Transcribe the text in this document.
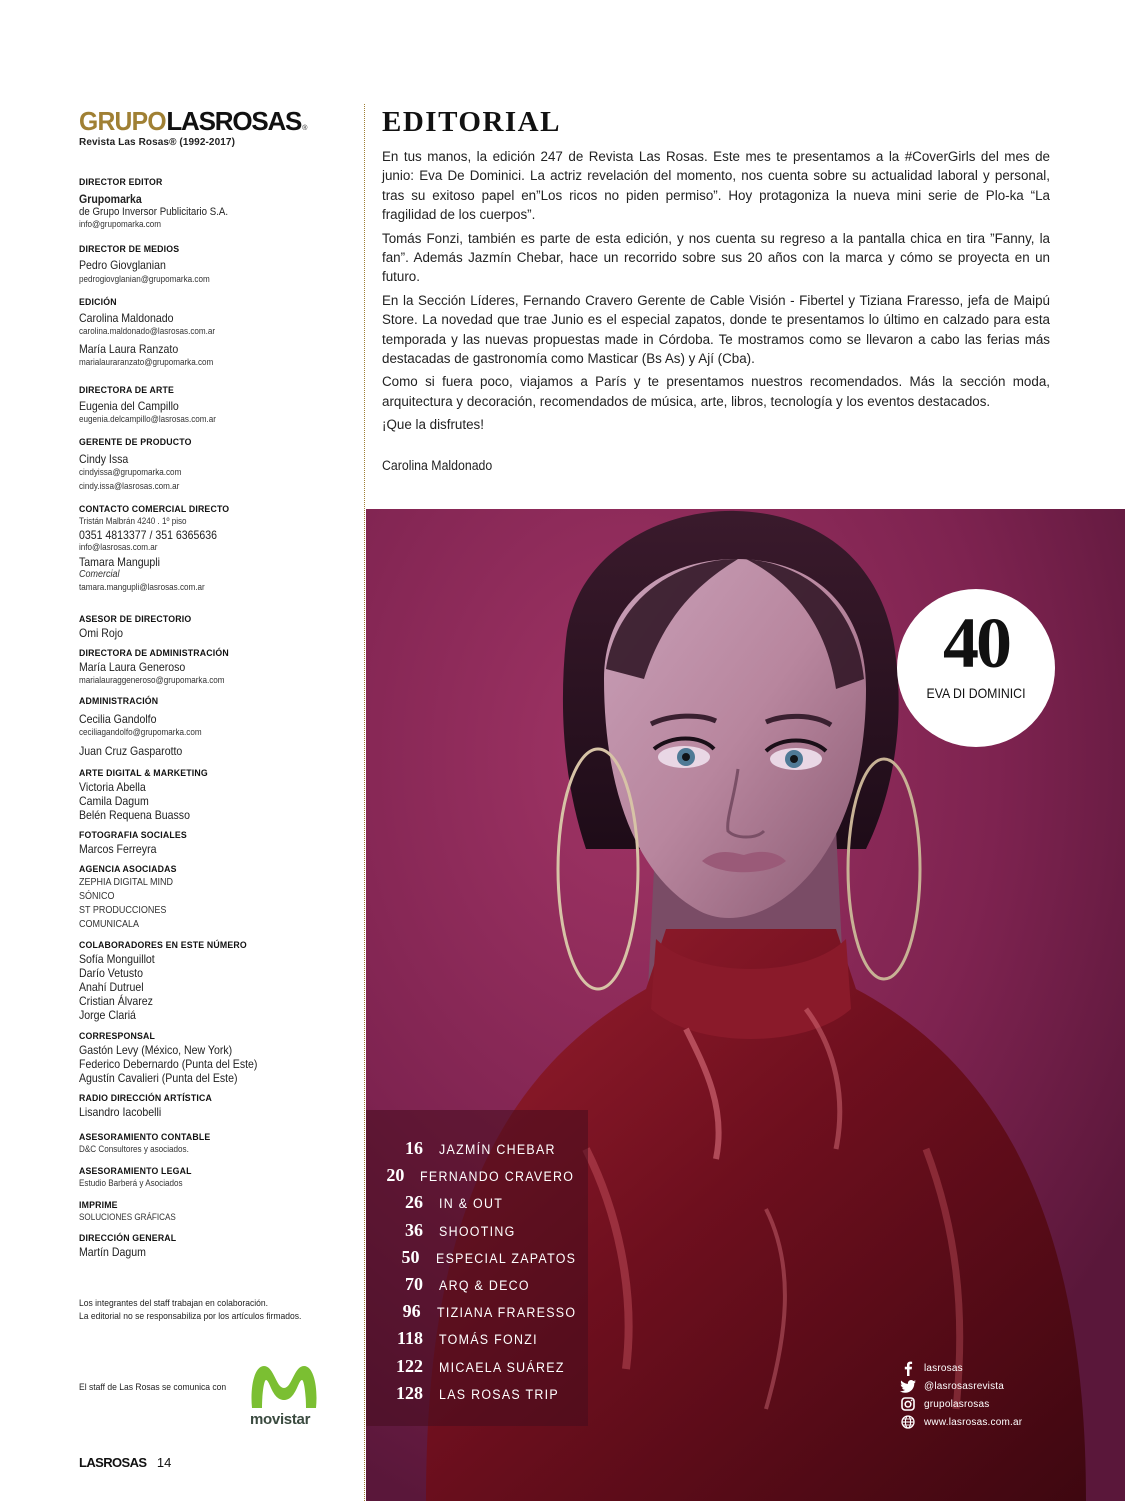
GRUPO LASROSAS ®
Revista Las Rosas® (1992-2017)
DIRECTOR EDITOR
Grupomarka
de Grupo Inversor Publicitario S.A.
info@grupomarka.com
DIRECTOR DE MEDIOS
Pedro Giovglanian
pedrogiovglanian@grupomarka.com
EDICIÓN
Carolina Maldonado
carolina.maldonado@lasrosas.com.ar
María Laura Ranzato
marialauraranzato@grupomarka.com
DIRECTORA DE ARTE
Eugenia del Campillo
eugenia.delcampillo@lasrosas.com.ar
GERENTE DE PRODUCTO
Cindy Issa
cindyissa@grupomarka.com
cindy.issa@lasrosas.com.ar
CONTACTO COMERCIAL DIRECTO
Tristán Malbrán 4240 . 1º piso
0351 4813377 / 351 6365636
info@lasrosas.com.ar
Tamara Mangupli
Comercial
tamara.mangupli@lasrosas.com.ar
ASESOR DE DIRECTORIO
Omi Rojo
DIRECTORA DE ADMINISTRACIÓN
María Laura Generoso
marialauraggeneroso@grupomarka.com
ADMINISTRACIÓN
Cecilia Gandolfo
ceciliagandolfo@grupomarka.com
Juan Cruz Gasparotto
ARTE DIGITAL & MARKETING
Victoria Abella
Camila Dagum
Belén Requena Buasso
FOTOGRAFIA SOCIALES
Marcos Ferreyra
AGENCIA ASOCIADAS
ZEPHIA DIGITAL MIND
SÓNICO
ST PRODUCCIONES
COMUNICALA
COLABORADORES EN ESTE NÚMERO
Sofía Monguillot
Darío Vetusto
Anahí Dutruel
Cristian Álvarez
Jorge Clariá
CORRESPONSAL
Gastón Levy (México, New York)
Federico Debernardo (Punta del Este)
Agustín Cavalieri (Punta del Este)
RADIO DIRECCIÓN ARTÍSTICA
Lisandro Iacobelli
ASESORAMIENTO CONTABLE
D&C Consultores y asociados.
ASESORAMIENTO LEGAL
Estudio Barberá y Asociados
IMPRIME
SOLUCIONES GRÁFICAS
DIRECCIÓN GENERAL
Martín Dagum
Los integrantes del staff trabajan en colaboración.
La editorial no se responsabiliza por los artículos firmados.
El staff de Las Rosas se comunica con
movistar
LASROSAS 14
EDITORIAL

En tus manos, la edición 247 de Revista Las Rosas. Este mes te presentamos a la #CoverGirls del mes de junio: Eva De Dominici. La actriz revelación del momento, nos cuenta sobre su actualidad laboral y personal, tras su exitoso papel en”Los ricos no piden permiso”. Hoy protagoniza la nueva mini serie de Plo-ka “La fragilidad de los cuerpos”.

Tomás Fonzi, también es parte de esta edición, y nos cuenta su regreso a la pantalla chica en tira ”Fanny, la fan”. Además Jazmín Chebar, hace un recorrido sobre sus 20 años con la marca y cómo se proyecta en un futuro.

En la Sección Líderes, Fernando Cravero Gerente de Cable Visión - Fibertel y Tiziana Fraresso, jefa de Maipú Store. La novedad que trae Junio es el especial zapatos, donde te presentamos lo último en calzado para esta temporada y las nuevas propuestas made in Córdoba. Te mostramos como se llevaron a cabo las ferias más destacadas de gastronomía como Masticar (Bs As) y Ají (Cba).

Como si fuera poco, viajamos a París y te presentamos nuestros recomendados. Más la sección moda, arquitectura y decoración, recomendados de música, arte, libros, tecnología y los eventos destacados.

¡Que la disfrutes!

Carolina Maldonado
40
EVA DI DOMINICI
16 JAZMÍN CHEBAR
20 FERNANDO CRAVERO
26 IN & OUT
36 SHOOTING
50 ESPECIAL ZAPATOS
70 ARQ & DECO
96 TIZIANA FRARESSO
118 TOMÁS FONZI
122 MICAELA SUÁREZ
128 LAS ROSAS TRIP
lasrosas
@lasrosasrevista
grupolasrosas
www.lasrosas.com.ar
